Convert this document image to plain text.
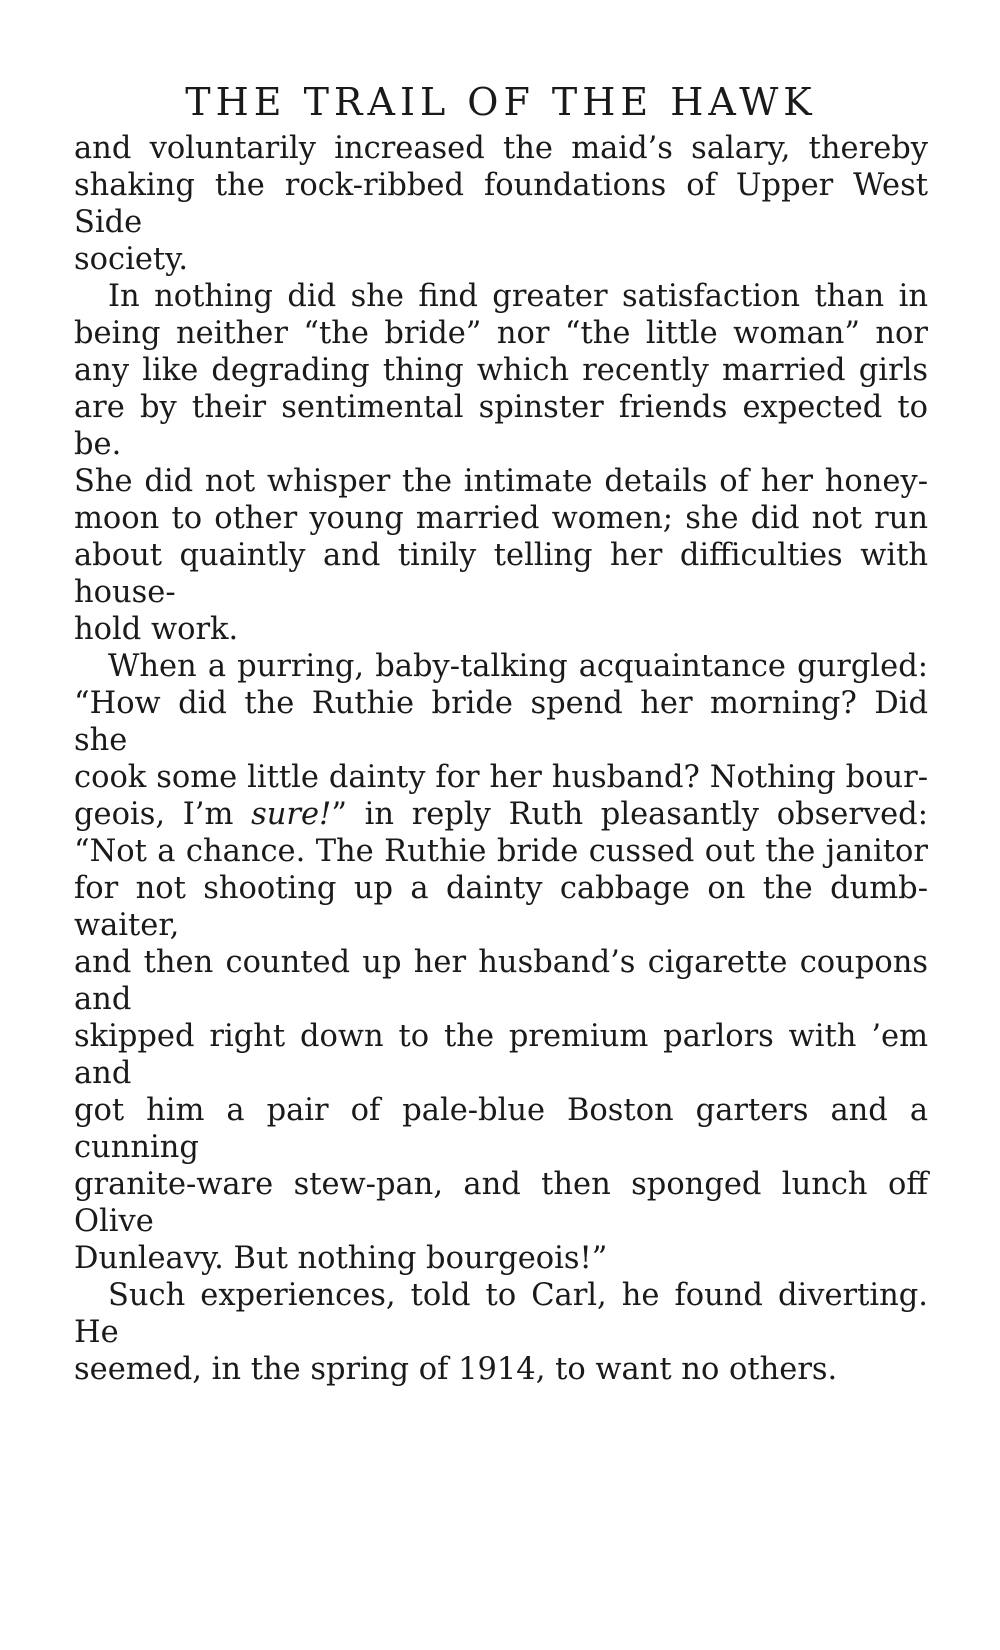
THE TRAIL OF THE HAWK

and voluntarily increased the maid’s salary, thereby
shaking the rock-ribbed foundations of Upper West Side
society.

In nothing did she find greater satisfaction than in
being neither “the bride” nor “the little woman” nor
any like degrading thing which recently married girls
are by their sentimental spinster friends expected to be.
She did not whisper the intimate details of her honey-
moon to other young married women; she did not run
about quaintly and tinily telling her difficulties with house-
hold work.

When a purring, baby-talking acquaintance gurgled:
“How did the Ruthie bride spend her morning? Did she
cook some little dainty for her husband? Nothing bour-
geois, I’m sure!” in reply Ruth pleasantly observed:
“Not a chance. The Ruthie bride cussed out the janitor
for not shooting up a dainty cabbage on the dumb-waiter,
and then counted up her husband’s cigarette coupons and
skipped right down to the premium parlors with ’em and
got him a pair of pale-blue Boston garters and a cunning
granite-ware stew-pan, and then sponged lunch off Olive
Dunleavy. But nothing bourgeois!”

Such experiences, told to Carl, he found diverting. He
seemed, in the spring of 1914, to want no others.
